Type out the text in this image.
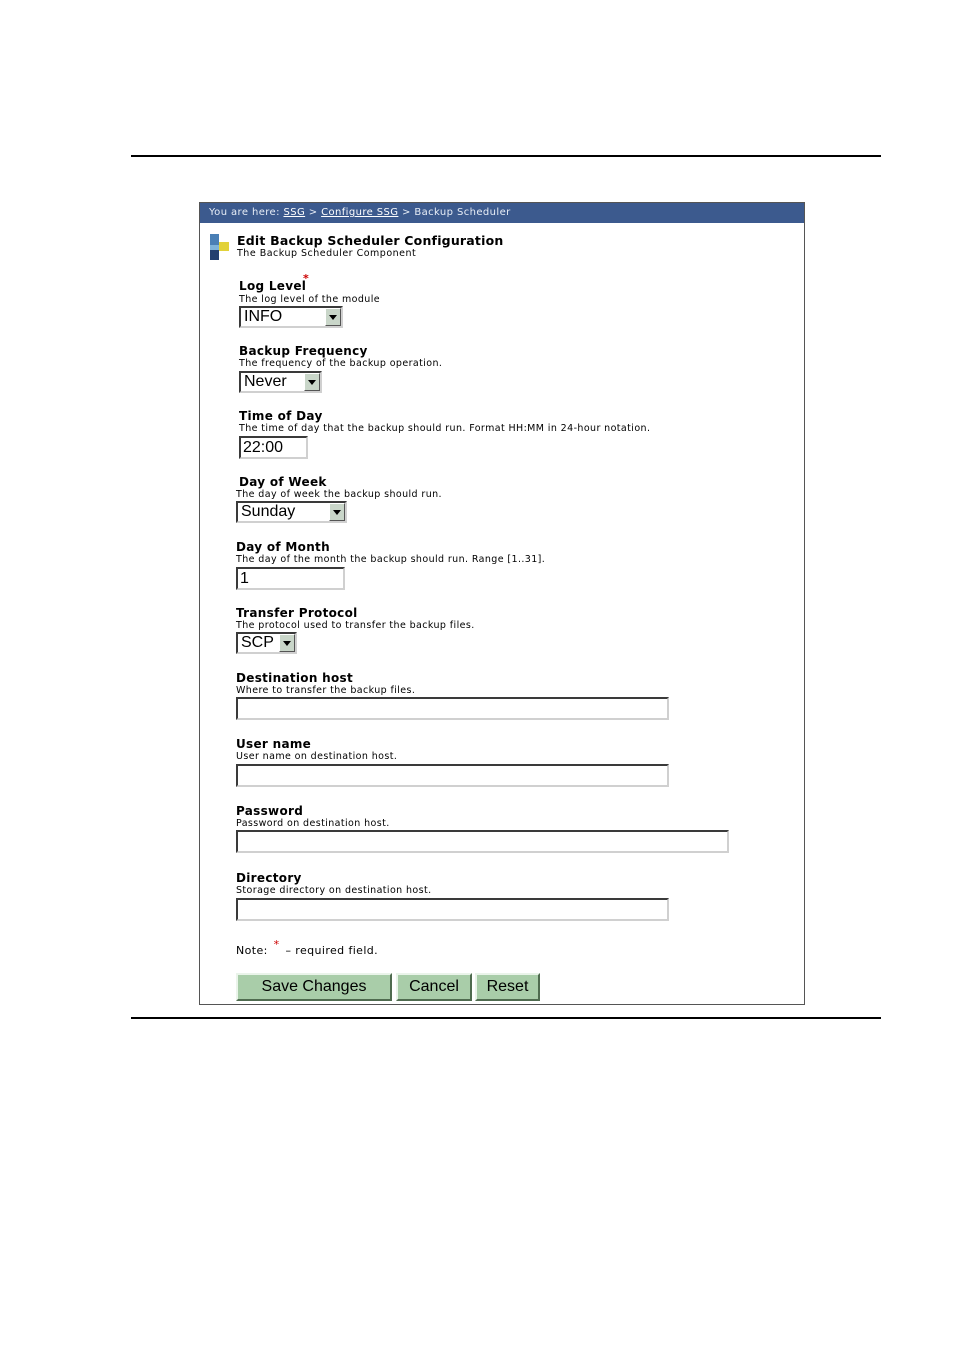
You are here: SSG > Configure SSG > Backup Scheduler
Edit Backup Scheduler Configuration
The Backup Scheduler Component
Log Level
*
The log level of the module
INFO
Backup Frequency
The frequency of the backup operation.
Never
Time of Day
The time of day that the backup should run. Format HH:MM in 24-hour notation.
22:00
Day of Week
The day of week the backup should run.
Sunday
Day of Month
The day of the month the backup should run. Range [1..31].
1
Transfer Protocol
The protocol used to transfer the backup files.
SCP
Destination host
Where to transfer the backup files.
User name
User name on destination host.
Password
Password on destination host.
Directory
Storage directory on destination host.
Note: * – required field.
Save Changes	Cancel	Reset
